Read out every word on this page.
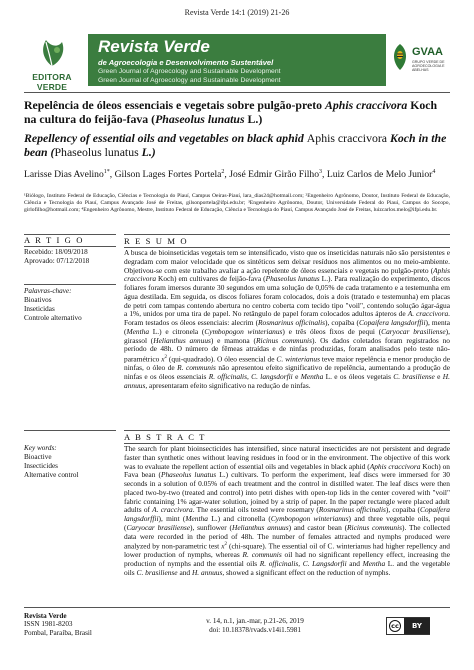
Revista Verde 14:1 (2019) 21-26
EDITORA VERDE
Revista Verde
de Agroecologia e Desenvolvimento Sustentável
Green Journal of Agroecology and Sustainable Development
Green Journal of Agroecology and Sustainable Development
GVAA
GRUPO VERDE DE AGROECOLOGIA E ABELHAS
Repelência de óleos essenciais e vegetais sobre pulgão-preto Aphis craccivora Koch na cultura do feijão-fava (Phaseolus lunatus L.)
Repellency of essential oils and vegetables on black aphid Aphis craccivora Koch in the bean (Phaseolus lunatus L.)
Larisse Dias Avelino$^{1*}$, Gilson Lages Fortes Portela$^2$, José Edmir Girão Filho$^3$, Luiz Carlos de Melo Junior$^4$
¹Biólogo, Instituto Federal de Educação, Ciências e Tecnologia do Piauí, Campus Oeiras-Piauí, lara_dias24@hotmail.com; ²Engenheiro Agrônomo, Doutor, Instituto Federal de Educação, Ciência e Tecnologia do Piauí, Campus Avançado José de Freitas, gilsonportela@ifpi.edu.br; ³Engenheiro Agrônomo, Doutor, Universidade Federal do Piauí, Campus do Socopo, girlofilho@hotmail.com; ⁴Engenheiro Agrônomo, Mestre, Instituto Federal de Educação, Ciência e Tecnologia do Piauí, Campus Avançado José de Freitas, luizcarlos.melo@ifpi.edu.br.
A R T I G O
Recebido: 18/09/2018
Aprovado: 07/12/2018
Palavras-chave:
Bioativos
Inseticidas
Controle alternativo
R E S U M O
A busca de bioinseticidas vegetais tem se intensificado, visto que os inseticidas naturais não são persistentes e degradam com maior velocidade que os sintéticos sem deixar resíduos nos alimentos ou no meio-ambiente. Objetivou-se com este trabalho avaliar a ação repelente de óleos essenciais e vegetais no pulgão-preto (Aphis craccivora Koch) em cultivares de feijão-fava (Phaseolus lunatus L.). Para realização do experimento, discos foliares foram imersos durante 30 segundos em uma solução de 0,05% de cada tratamento e a testemunha em água destilada. Em seguida, os discos foliares foram colocados, dois a dois (tratado e testemunha) em placas de petri com tampas contendo abertura no centro coberta com tecido tipo "voil", contendo solução ágar-água a 1%, unidos por uma tira de papel. No retângulo de papel foram colocados adultos ápteros de A. craccivora. Foram testados os óleos essenciais: alecrim (Rosmarinus officinalis), copaíba (Copaifera langsdorffii), menta (Mentha L.) e citronela (Cymbopogon winterianus) e três óleos fixos de pequi (Caryocar brasiliense), girassol (Helianthus annuus) e mamona (Ricinus communis). Os dados coletados foram registrados no período de 48h. O número de fêmeas atraídas e de ninfas produzidas, foram analisados pelo teste não-paramétrico $x^2$ (qui-quadrado). O óleo essencial de C. winterianus teve maior repelência e menor produção de ninfas, o óleo de R. communis não apresentou efeito significativo de repelência, aumentando a produção de ninfas e os óleos essenciais R. officinalis, C. langsdorfii e Mentha L. e os óleos vegetais C. brasiliense e H. annuus, apresentaram efeito significativo na redução de ninfas.
Key words:
Bioactive
Insecticides
Alternative control
A B S T R A C T
The search for plant bioinsecticides has intensified, since natural insecticides are not persistent and degrade faster than synthetic ones without leaving residues in food or in the environment. The objective of this work was to evaluate the repellent action of essential oils and vegetables in black aphid (Aphis craccivora Koch) on Fava bean (Phaseolus lunatus L.) cultivars. To perform the experiment, leaf discs were immersed for 30 seconds in a solution of 0.05% of each treatment and the control in distilled water. The leaf discs were then placed two-by-two (treated and control) into petri dishes with open-top lids in the center covered with "voil" fabric containing 1% agar-water solution, joined by a strip of paper. In the paper rectangle were placed adult adults of A. craccivora. The essential oils tested were rosemary (Rosmarinus officinalis), copaiba (Copaifera langsdorffii), mint (Mentha L.) and citronella (Cymbopogon winterianus) and three vegetable oils, pequi (Caryocar brasiliense), sunflower (Helianthus annuus) and castor bean (Ricinus communis). The collected data were recorded in the period of 48h. The number of females attracted and nymphs produced were analyzed by non-parametric test $x^2$ (chi-square). The essential oil of C. winterianus had higher repellency and lower production of nymphs, whereas R. communis oil had no significant repellency effect, increasing the production of nymphs and the essential oils R. officinalis, C. Langsdorfii and Mentha L. and the vegetable oils C. brasiliense and H. annuus, showed a significant effect on the reduction of nymphs.
Revista Verde
ISSN 1981-8203
Pombal, Paraíba, Brasil
v. 14, n.1, jan.-mar, p.21-26, 2019
doi: 10.18378/rvads.v14i1.5981	cc	BY
